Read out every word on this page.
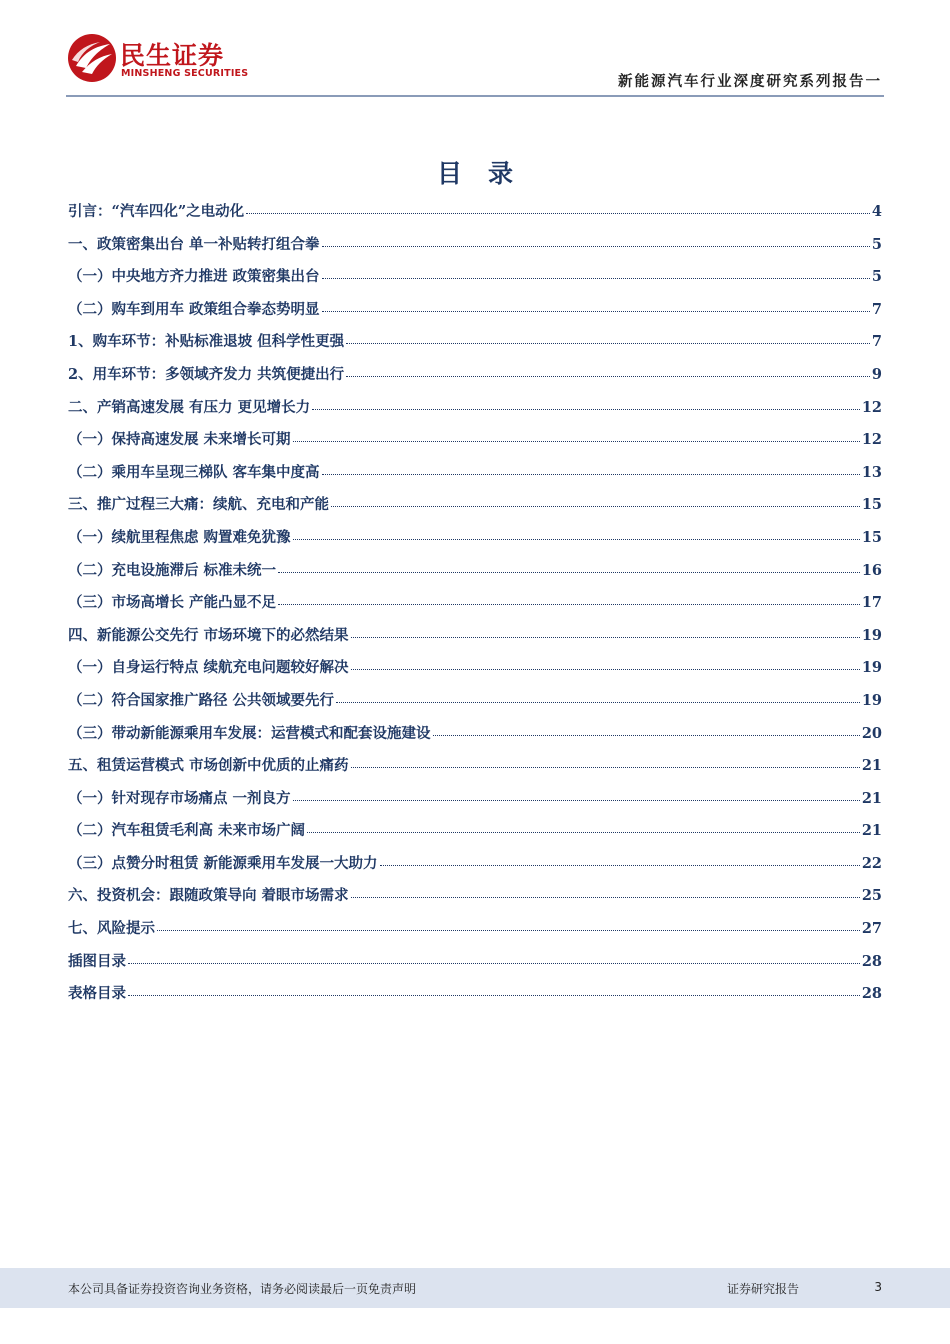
民生证券
MINSHENG SECURITIES	新能源汽车行业深度研究系列报告一
目录
引言：“汽车四化”之电动化	4
一、政策密集出台 单一补贴转打组合拳	5
（一）中央地方齐力推进 政策密集出台	5
（二）购车到用车 政策组合拳态势明显	7
1、购车环节：补贴标准退坡 但科学性更强	7
2、用车环节：多领域齐发力 共筑便捷出行	9
二、产销高速发展 有压力 更见增长力	12
（一）保持高速发展 未来增长可期	12
（二）乘用车呈现三梯队 客车集中度高	13
三、推广过程三大痛：续航、充电和产能	15
（一）续航里程焦虑 购置难免犹豫	15
（二）充电设施滞后 标准未统一	16
（三）市场高增长 产能凸显不足	17
四、新能源公交先行 市场环境下的必然结果	19
（一）自身运行特点 续航充电问题较好解决	19
（二）符合国家推广路径 公共领域要先行	19
（三）带动新能源乘用车发展：运营模式和配套设施建设	20
五、租赁运营模式 市场创新中优质的止痛药	21
（一）针对现存市场痛点 一剂良方	21
（二）汽车租赁毛利高 未来市场广阔	21
（三）点赞分时租赁 新能源乘用车发展一大助力	22
六、投资机会：跟随政策导向 着眼市场需求	25
七、风险提示	27
插图目录	28
表格目录	28
本公司具备证券投资咨询业务资格，请务必阅读最后一页免责声明	证券研究报告	3
